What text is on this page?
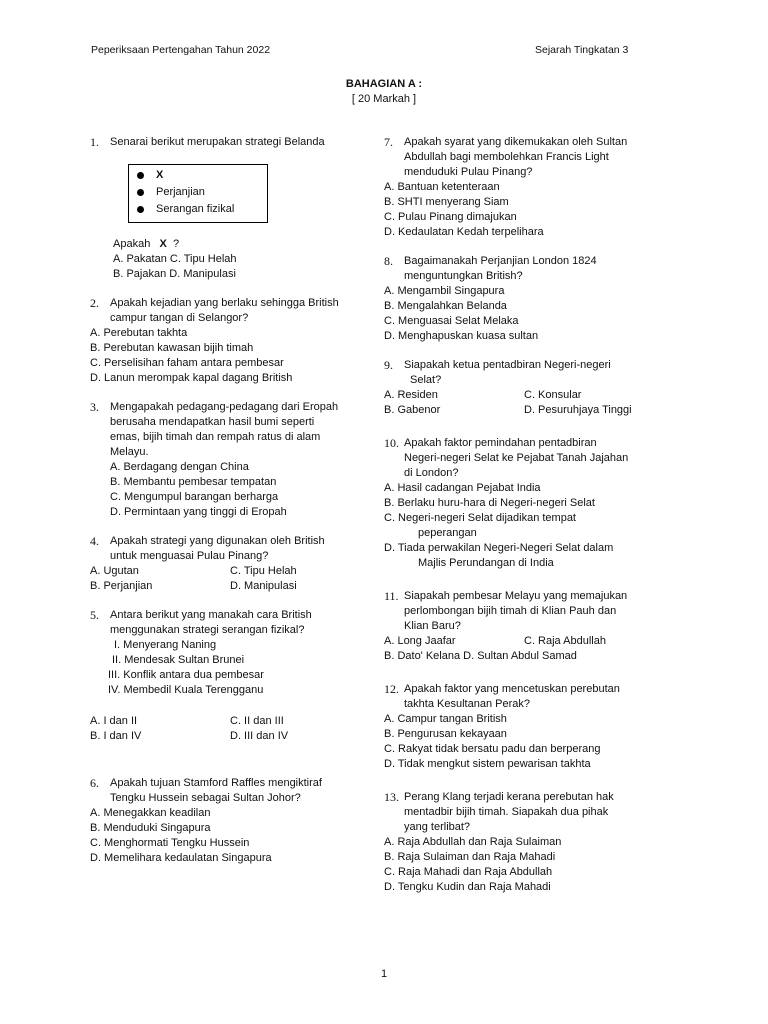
Peperiksaan Pertengahan Tahun 2022	Sejarah Tingkatan 3
BAHAGIAN A :
[ 20 Markah ]
1.	Senarai berikut merupakan strategi Belanda
X
Perjanjian
Serangan fizikal
Apakah X ?
A. Pakatan C. Tipu Helah
B. Pajakan D. Manipulasi
2.	Apakah kejadian yang berlaku sehingga British
campur tangan di Selangor?
A. Perebutan takhta
B. Perebutan kawasan bijih timah
C. Perselisihan faham antara pembesar
D. Lanun merompak kapal dagang British
3.	Mengapakah pedagang-pedagang dari Eropah
berusaha mendapatkan hasil bumi seperti
emas, bijih timah dan rempah ratus di alam
Melayu.
A. Berdagang dengan China
B. Membantu pembesar tempatan
C. Mengumpul barangan berharga
D. Permintaan yang tinggi di Eropah
4.	Apakah strategi yang digunakan oleh British
untuk menguasai Pulau Pinang?
A. Ugutan	C. Tipu Helah
B. Perjanjian	D. Manipulasi
5.	Antara berikut yang manakah cara British
menggunakan strategi serangan fizikal?
I. Menyerang Naning
II. Mendesak Sultan Brunei
III. Konflik antara dua pembesar
IV. Membedil Kuala Terengganu
A. I dan II	C. II dan III
B. I dan IV	D. III dan IV
6.	Apakah tujuan Stamford Raffles mengiktiraf
Tengku Hussein sebagai Sultan Johor?
A. Menegakkan keadilan
B. Menduduki Singapura
C. Menghormati Tengku Hussein
D. Memelihara kedaulatan Singapura
7.	Apakah syarat yang dikemukakan oleh Sultan
Abdullah bagi membolehkan Francis Light
menduduki Pulau Pinang?
A. Bantuan ketenteraan
B. SHTI menyerang Siam
C. Pulau Pinang dimajukan
D. Kedaulatan Kedah terpelihara
8.	Bagaimanakah Perjanjian London 1824
menguntungkan British?
A. Mengambil Singapura
B. Mengalahkan Belanda
C. Menguasai Selat Melaka
D. Menghapuskan kuasa sultan
9.	Siapakah ketua pentadbiran Negeri-negeri
Selat?
A. Residen	C. Konsular
B. Gabenor	D. Pesuruhjaya Tinggi
10. Apakah faktor pemindahan pentadbiran
Negeri-negeri Selat ke Pejabat Tanah Jajahan
di London?
A. Hasil cadangan Pejabat India
B. Berlaku huru-hara di Negeri-negeri Selat
C. Negeri-negeri Selat dijadikan tempat
peperangan
D. Tiada perwakilan Negeri-Negeri Selat dalam
Majlis Perundangan di India
11. Siapakah pembesar Melayu yang memajukan
perlombongan bijih timah di Klian Pauh dan
Klian Baru?
A. Long Jaafar	C. Raja Abdullah
B. Dato' Kelana D. Sultan Abdul Samad
12. Apakah faktor yang mencetuskan perebutan
takhta Kesultanan Perak?
A. Campur tangan British
B. Pengurusan kekayaan
C. Rakyat tidak bersatu padu dan berperang
D. Tidak mengkut sistem pewarisan takhta
13. Perang Klang terjadi kerana perebutan hak
mentadbir bijih timah. Siapakah dua pihak
yang terlibat?
A. Raja Abdullah dan Raja Sulaiman
B. Raja Sulaiman dan Raja Mahadi
C. Raja Mahadi dan Raja Abdullah
D. Tengku Kudin dan Raja Mahadi
1
